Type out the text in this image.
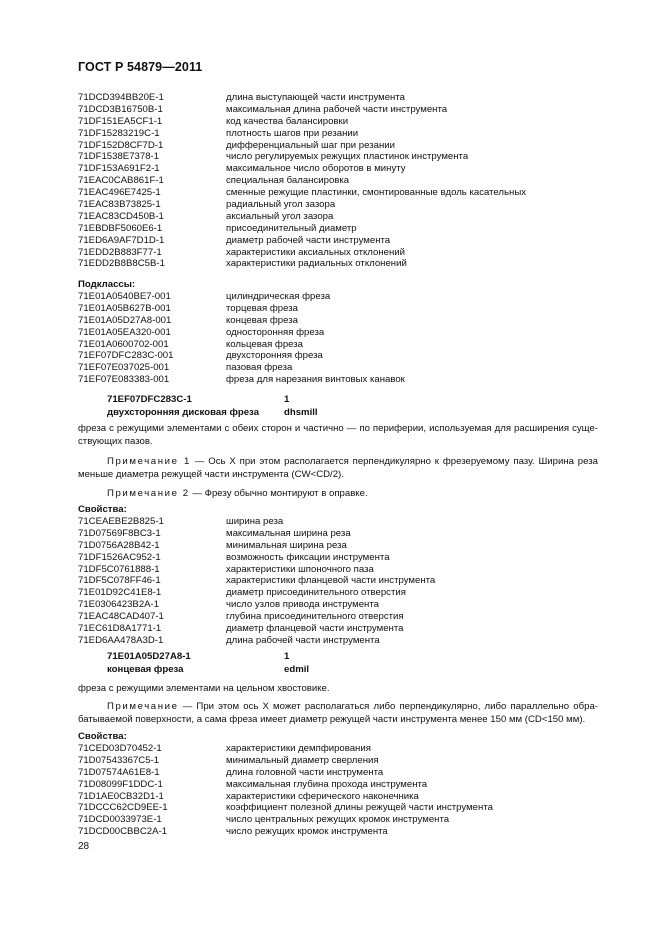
ГОСТ Р 54879—2011
71DCD394BB20E-1	длина выступающей части инструмента
71DCD3B16750B-1	максимальная длина рабочей части инструмента
71DF151EA5CF1-1	код качества балансировки
71DF15283219C-1	плотность шагов при резании
71DF152D8CF7D-1	дифференциальный шаг при резании
71DF1538E7378-1	число регулируемых режущих пластинок инструмента
71DF153A691F2-1	максимальное число оборотов в минуту
71EAC0CAB861F-1	специальная балансировка
71EAC496E7425-1	сменные режущие пластинки, смонтированные вдоль касательных
71EAC83B73825-1	радиальный угол зазора
71EAC83CD450B-1	аксиальный угол зазора
71EBDBF5060E6-1	присоединительный диаметр
71ED6A9AF7D1D-1	диаметр рабочей части инструмента
71EDD2B883F77-1	характеристики аксиальных отклонений
71EDD2B8B8C5B-1	характеристики радиальных отклонений
Подклассы:
71E01A0540BE7-001	цилиндрическая фреза
71E01A05B627B-001	торцевая фреза
71E01A05D27A8-001	концевая фреза
71E01A05EA320-001	односторонняя фреза
71E01A0600702-001	кольцевая фреза
71EF07DFC283C-001	двухсторонняя фреза
71EF07E037025-001	пазовая фреза
71EF07E083383-001	фреза для нарезания винтовых канавок
71EF07DFC283C-1	1
двухсторонняя дисковая фреза	dhsmill
фреза с режущими элементами с обеих сторон и частично — по периферии, используемая для расширения суще-ствующих пазов.
Примечание 1 — Ось X при этом располагается перпендикулярно к фрезеруемому пазу. Ширина реза меньше диаметра режущей части инструмента (CW<CD/2).
Примечание 2 — Фрезу обычно монтируют в оправке.
Свойства:
71CEAEBE2B825-1	ширина реза
71D07569F8BC3-1	максимальная ширина реза
71D0756A28B42-1	минимальная ширина реза
71DF1526AC952-1	возможность фиксации инструмента
71DF5C0761888-1	характеристики шпоночного паза
71DF5C078FF46-1	характеристики фланцевой части инструмента
71E01D92C41E8-1	диаметр присоединительного отверстия
71E0306423B2A-1	число узлов привода инструмента
71EAC48CAD407-1	глубина присоединительного отверстия
71EC61D8A1771-1	диаметр фланцевой части инструмента
71ED6AA478A3D-1	длина рабочей части инструмента
71E01A05D27A8-1	1
концевая фреза	edmil
фреза с режущими элементами на цельном хвостовике.
Примечание — При этом ось X может располагаться либо перпендикулярно, либо параллельно обра-батываемой поверхности, а сама фреза имеет диаметр режущей части инструмента менее 150 мм (CD<150 мм).
Свойства:
71CED03D70452-1	характеристики демпфирования
71D07543367C5-1	минимальный диаметр сверления
71D07574A61E8-1	длина головной части инструмента
71D08099F1DDC-1	максимальная глубина прохода инструмента
71D1AE0CB32D1-1	характеристики сферического наконечника
71DCCC62CD9EE-1	коэффициент полезной длины режущей части инструмента
71DCD0033973E-1	число центральных режущих кромок инструмента
71DCD00CBBC2A-1	число режущих кромок инструмента
28
